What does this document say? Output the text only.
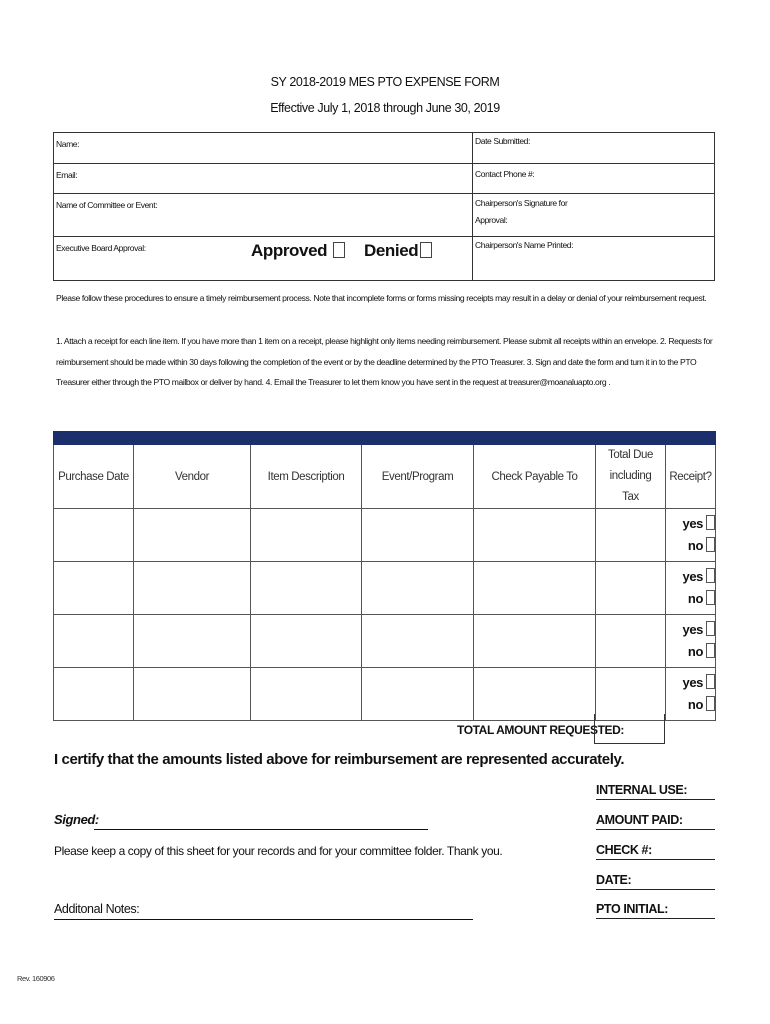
SY 2018-2019 MES PTO EXPENSE FORM
Effective July 1, 2018 through June 30, 2019
Name:	Date Submitted:
Email:	Contact Phone #:
Name of Committee or Event:	Chairperson's Signature for
Approval:
Executive Board Approval:	Approved	Denied	Chairperson's Name Printed:
Please follow these procedures to ensure a timely reimbursement process. Note that incomplete forms or forms missing receipts may result in a delay or denial of your reimbursement request.
1. Attach a receipt for each line item. If you have more than 1 item on a receipt, please highlight only items needing reimbursement. Please submit all receipts within an envelope. 2. Requests for reimbursement should be made within 30 days following the completion of the event or by the deadline determined by the PTO Treasurer. 3. Sign and date the form and turn it in to the PTO Treasurer either through the PTO mailbox or deliver by hand. 4. Email the Treasurer to let them know you have sent in the request at treasurer@moanaluapto.org .

Purchase Date	Vendor	Item Description	Event/Program	Check Payable To	Total Due including Tax	Receipt?

						yes
no

						yes
no

						yes
no

						yes
no
TOTAL AMOUNT REQUESTED:
I certify that the amounts listed above for reimbursement are represented accurately.
Signed:
Please keep a copy of this sheet for your records and for your committee folder. Thank you.
Additonal Notes:
INTERNAL USE:
AMOUNT PAID:
CHECK #:
DATE:
PTO INITIAL:
Rev. 160906
